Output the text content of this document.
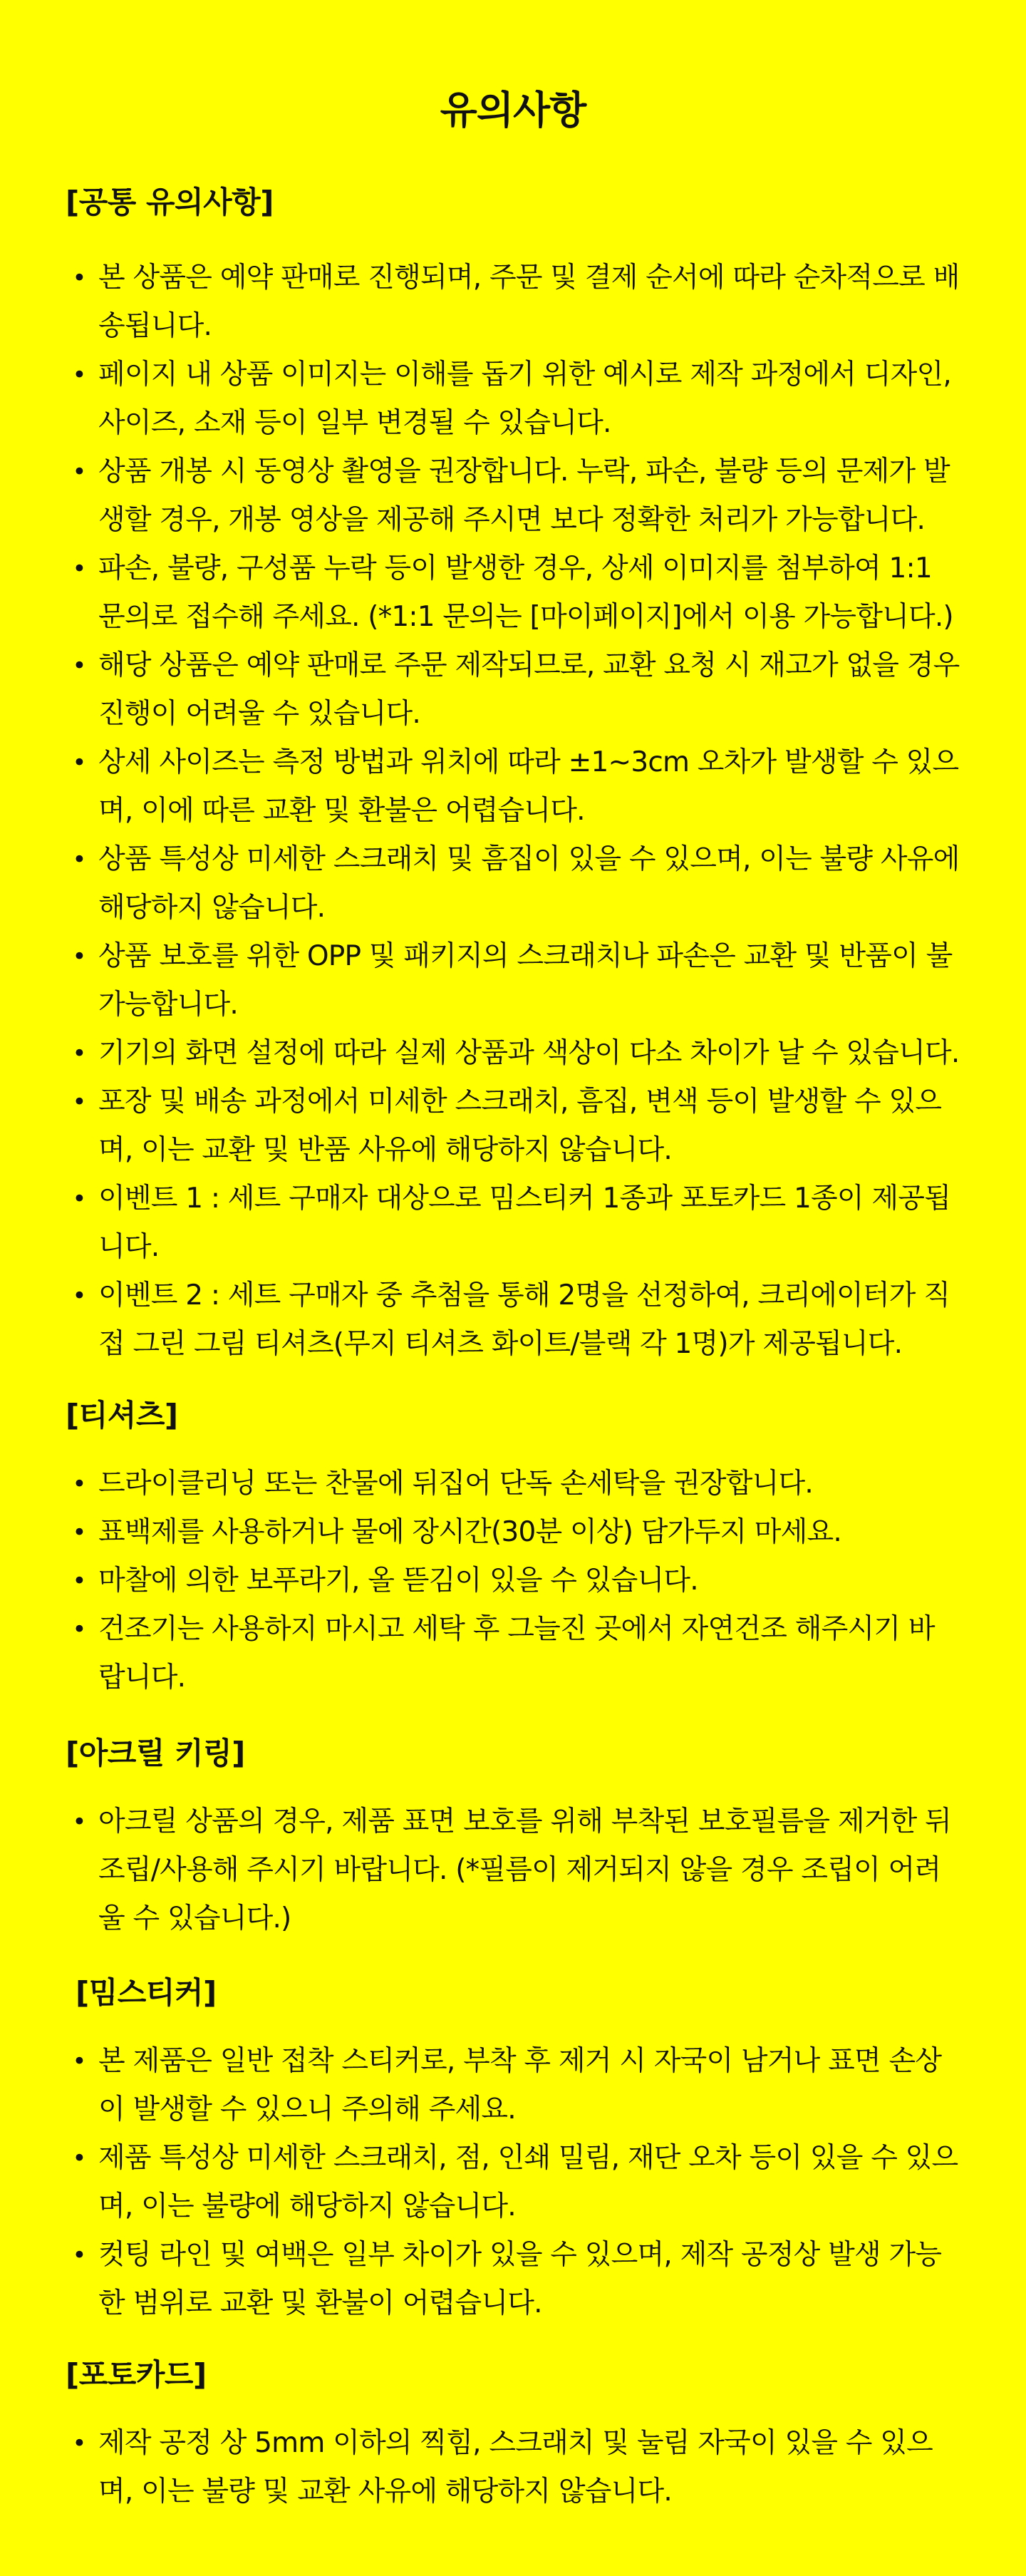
유의사항
[공통 유의사항]
• 본 상품은 예약 판매로 진행되며, 주문 및 결제 순서에 따라 순차적으로 배송됩니다.
• 페이지 내 상품 이미지는 이해를 돕기 위한 예시로 제작 과정에서 디자인, 사이즈, 소재 등이 일부 변경될 수 있습니다.
• 상품 개봉 시 동영상 촬영을 권장합니다. 누락, 파손, 불량 등의 문제가 발생할 경우, 개봉 영상을 제공해 주시면 보다 정확한 처리가 가능합니다.
• 파손, 불량, 구성품 누락 등이 발생한 경우, 상세 이미지를 첨부하여 1:1 문의로 접수해 주세요. (*1:1 문의는 [마이페이지]에서 이용 가능합니다.)
• 해당 상품은 예약 판매로 주문 제작되므로, 교환 요청 시 재고가 없을 경우 진행이 어려울 수 있습니다.
• 상세 사이즈는 측정 방법과 위치에 따라 ±1~3cm 오차가 발생할 수 있으며, 이에 따른 교환 및 환불은 어렵습니다.
• 상품 특성상 미세한 스크래치 및 흠집이 있을 수 있으며, 이는 불량 사유에 해당하지 않습니다.
• 상품 보호를 위한 OPP 및 패키지의 스크래치나 파손은 교환 및 반품이 불가능합니다.
• 기기의 화면 설정에 따라 실제 상품과 색상이 다소 차이가 날 수 있습니다.
• 포장 및 배송 과정에서 미세한 스크래치, 흠집, 변색 등이 발생할 수 있으며, 이는 교환 및 반품 사유에 해당하지 않습니다.
• 이벤트 1 : 세트 구매자 대상으로 밈스티커 1종과 포토카드 1종이 제공됩니다.
• 이벤트 2 : 세트 구매자 중 추첨을 통해 2명을 선정하여, 크리에이터가 직접 그린 그림 티셔츠(무지 티셔츠 화이트/블랙 각 1명)가 제공됩니다.
[티셔츠]
• 드라이클리닝 또는 찬물에 뒤집어 단독 손세탁을 권장합니다.
• 표백제를 사용하거나 물에 장시간(30분 이상) 담가두지 마세요.
• 마찰에 의한 보푸라기, 올 뜯김이 있을 수 있습니다.
• 건조기는 사용하지 마시고 세탁 후 그늘진 곳에서 자연건조 해주시기 바랍니다.
[아크릴 키링]
• 아크릴 상품의 경우, 제품 표면 보호를 위해 부착된 보호필름을 제거한 뒤 조립/사용해 주시기 바랍니다. (*필름이 제거되지 않을 경우 조립이 어려울 수 있습니다.)
[밈스티커]
• 본 제품은 일반 접착 스티커로, 부착 후 제거 시 자국이 남거나 표면 손상이 발생할 수 있으니 주의해 주세요.
• 제품 특성상 미세한 스크래치, 점, 인쇄 밀림, 재단 오차 등이 있을 수 있으며, 이는 불량에 해당하지 않습니다.
• 컷팅 라인 및 여백은 일부 차이가 있을 수 있으며, 제작 공정상 발생 가능한 범위로 교환 및 환불이 어렵습니다.
[포토카드]
• 제작 공정 상 5mm 이하의 찍힘, 스크래치 및 눌림 자국이 있을 수 있으며, 이는 불량 및 교환 사유에 해당하지 않습니다.
